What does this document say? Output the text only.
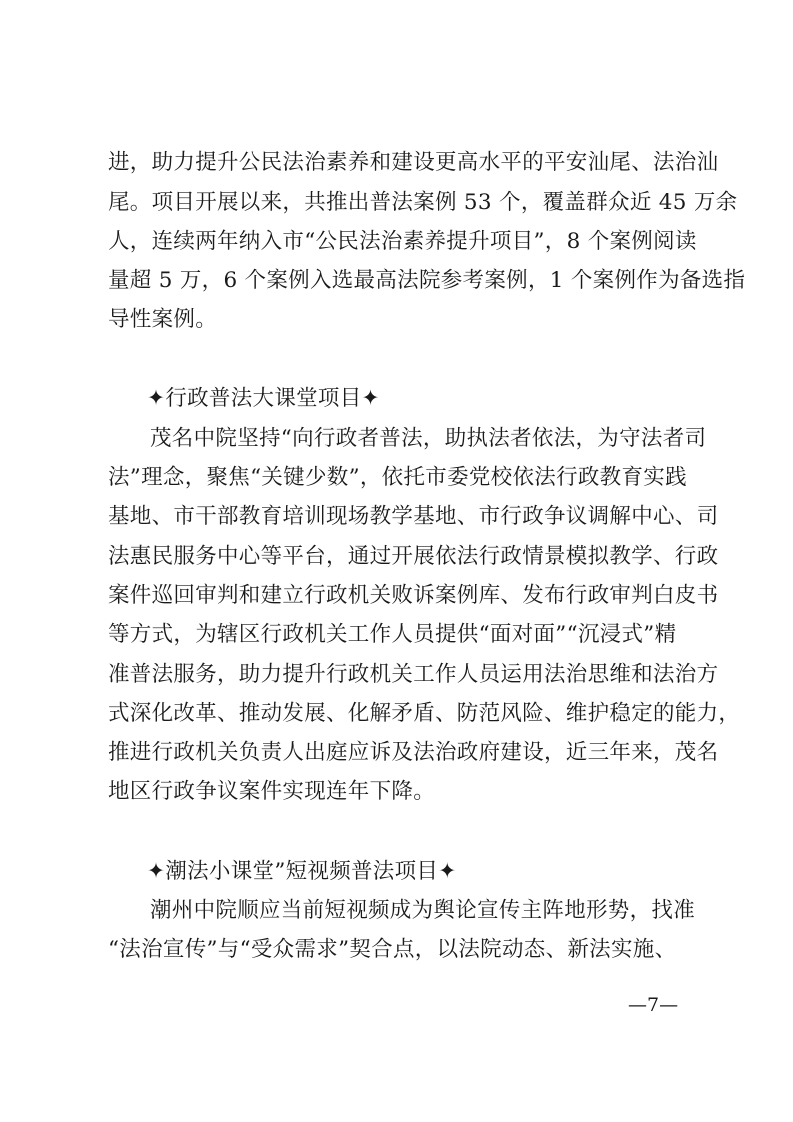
进，助力提升公民法治素养和建设更高水平的平安汕尾、法治汕
尾。项目开展以来，共推出普法案例 53 个，覆盖群众近 45 万余
人，连续两年纳入市“公民法治素养提升项目”，8 个案例阅读
量超 5 万，6 个案例入选最高法院参考案例，1 个案例作为备选指
导性案例。
✦行政普法大课堂项目✦
茂名中院坚持“向行政者普法，助执法者依法，为守法者司
法”理念，聚焦“关键少数”，依托市委党校依法行政教育实践
基地、市干部教育培训现场教学基地、市行政争议调解中心、司
法惠民服务中心等平台，通过开展依法行政情景模拟教学、行政
案件巡回审判和建立行政机关败诉案例库、发布行政审判白皮书
等方式，为辖区行政机关工作人员提供“面对面”“沉浸式”精
准普法服务，助力提升行政机关工作人员运用法治思维和法治方
式深化改革、推动发展、化解矛盾、防范风险、维护稳定的能力，
推进行政机关负责人出庭应诉及法治政府建设，近三年来，茂名
地区行政争议案件实现连年下降。
✦潮法小课堂”短视频普法项目✦
潮州中院顺应当前短视频成为舆论宣传主阵地形势，找准
“法治宣传”与“受众需求”契合点，以法院动态、新法实施、
—7—
